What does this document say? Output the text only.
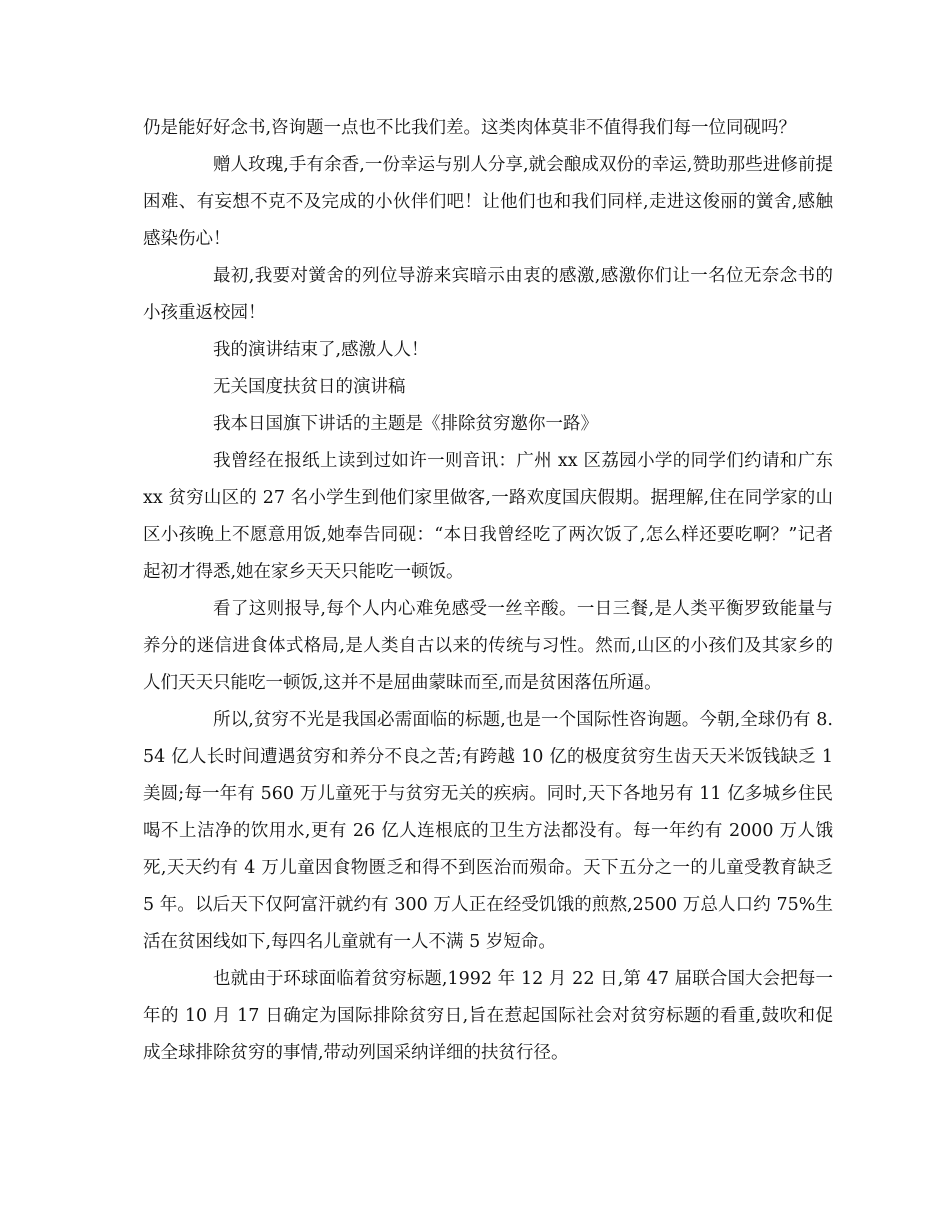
仍是能好好念书,咨询题一点也不比我们差。这类肉体莫非不值得我们每一位同砚吗？

赠人玫瑰,手有余香,一份幸运与别人分享,就会酿成双份的幸运,赞助那些进修前提困难、有妄想不克不及完成的小伙伴们吧！让他们也和我们同样,走进这俊丽的黉舍,感触感染伤心！

最初,我要对黉舍的列位导游来宾暗示由衷的感激,感激你们让一名位无奈念书的小孩重返校园！

我的演讲结束了,感激人人！

无关国度扶贫日的演讲稿

我本日国旗下讲话的主题是《排除贫穷邀你一路》

我曾经在报纸上读到过如许一则音讯：广州 xx 区荔园小学的同学们约请和广东 xx 贫穷山区的 27 名小学生到他们家里做客,一路欢度国庆假期。据理解,住在同学家的山区小孩晚上不愿意用饭,她奉告同砚：“本日我曾经吃了两次饭了,怎么样还要吃啊？”记者起初才得悉,她在家乡天天只能吃一顿饭。

看了这则报导,每个人内心难免感受一丝辛酸。一日三餐,是人类平衡罗致能量与养分的迷信进食体式格局,是人类自古以来的传统与习性。然而,山区的小孩们及其家乡的人们天天只能吃一顿饭,这并不是屈曲蒙昧而至,而是贫困落伍所逼。

所以,贫穷不光是我国必需面临的标题,也是一个国际性咨询题。今朝,全球仍有 8.54 亿人长时间遭遇贫穷和养分不良之苦;有跨越 10 亿的极度贫穷生齿天天米饭钱缺乏 1 美圆;每一年有 560 万儿童死于与贫穷无关的疾病。同时,天下各地另有 11 亿多城乡住民喝不上洁净的饮用水,更有 26 亿人连根底的卫生方法都没有。每一年约有 2000 万人饿死,天天约有 4 万儿童因食物匮乏和得不到医治而殒命。天下五分之一的儿童受教育缺乏 5 年。以后天下仅阿富汗就约有 300 万人正在经受饥饿的煎熬,2500 万总人口约 75%生活在贫困线如下,每四名儿童就有一人不满 5 岁短命。

也就由于环球面临着贫穷标题,1992 年 12 月 22 日,第 47 届联合国大会把每一年的 10 月 17 日确定为国际排除贫穷日,旨在惹起国际社会对贫穷标题的看重,鼓吹和促成全球排除贫穷的事情,带动列国采纳详细的扶贫行径。
